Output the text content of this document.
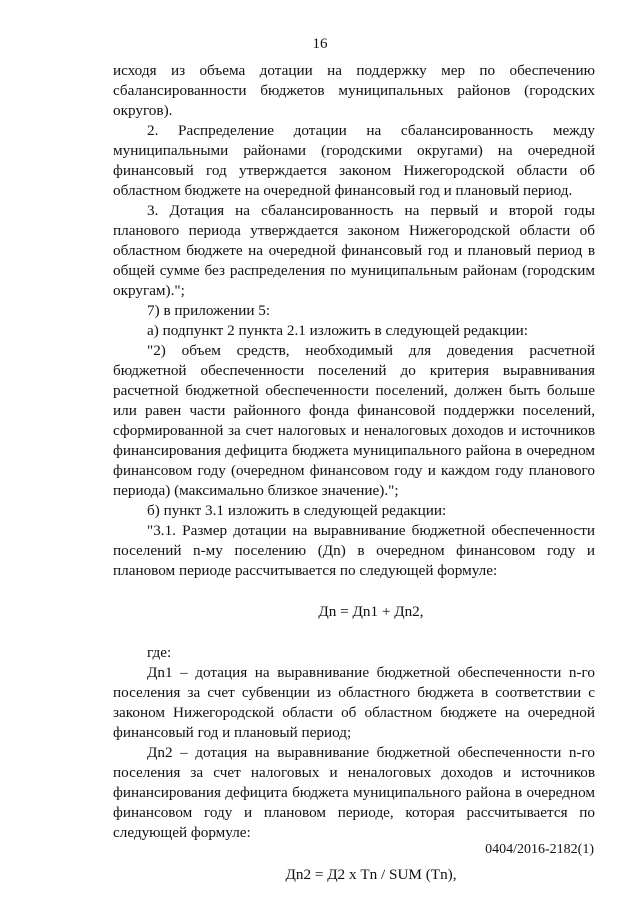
16

исходя из объема дотации на поддержку мер по обеспечению сбалансированности бюджетов муниципальных районов (городских округов).

2. Распределение дотации на сбалансированность между муниципальными районами (городскими округами) на очередной финансовый год утверждается законом Нижегородской области об областном бюджете на очередной финансовый год и плановый период.

3. Дотация на сбалансированность на первый и второй годы планового периода утверждается законом Нижегородской области об областном бюджете на очередной финансовый год и плановый период в общей сумме без распределения по муниципальным районам (городским округам).";

7) в приложении 5:

а) подпункт 2 пункта 2.1 изложить в следующей редакции:

"2) объем средств, необходимый для доведения расчетной бюджетной обеспеченности поселений до критерия выравнивания расчетной бюджетной обеспеченности поселений, должен быть больше или равен части районного фонда финансовой поддержки поселений, сформированной за счет налоговых и неналоговых доходов и источников финансирования дефицита бюджета муниципального района в очередном финансовом году (очередном финансовом году и каждом году планового периода) (максимально близкое значение).";

б) пункт 3.1 изложить в следующей редакции:

"3.1. Размер дотации на выравнивание бюджетной обеспеченности поселений n-му поселению (Дn) в очередном финансовом году и плановом периоде рассчитывается по следующей формуле:

Дn = Дn1 + Дn2,

где:

Дn1 – дотация на выравнивание бюджетной обеспеченности n-го поселения за счет субвенции из областного бюджета в соответствии с законом Нижегородской области об областном бюджете на очередной финансовый год и плановый период;

Дn2 – дотация на выравнивание бюджетной обеспеченности n-го поселения за счет налоговых и неналоговых доходов и источников финансирования дефицита бюджета муниципального района в очередном финансовом году и плановом периоде, которая рассчитывается по следующей формуле:

Дn2 = Д2 x Тn / SUM (Тn),

0404/2016-2182(1)
